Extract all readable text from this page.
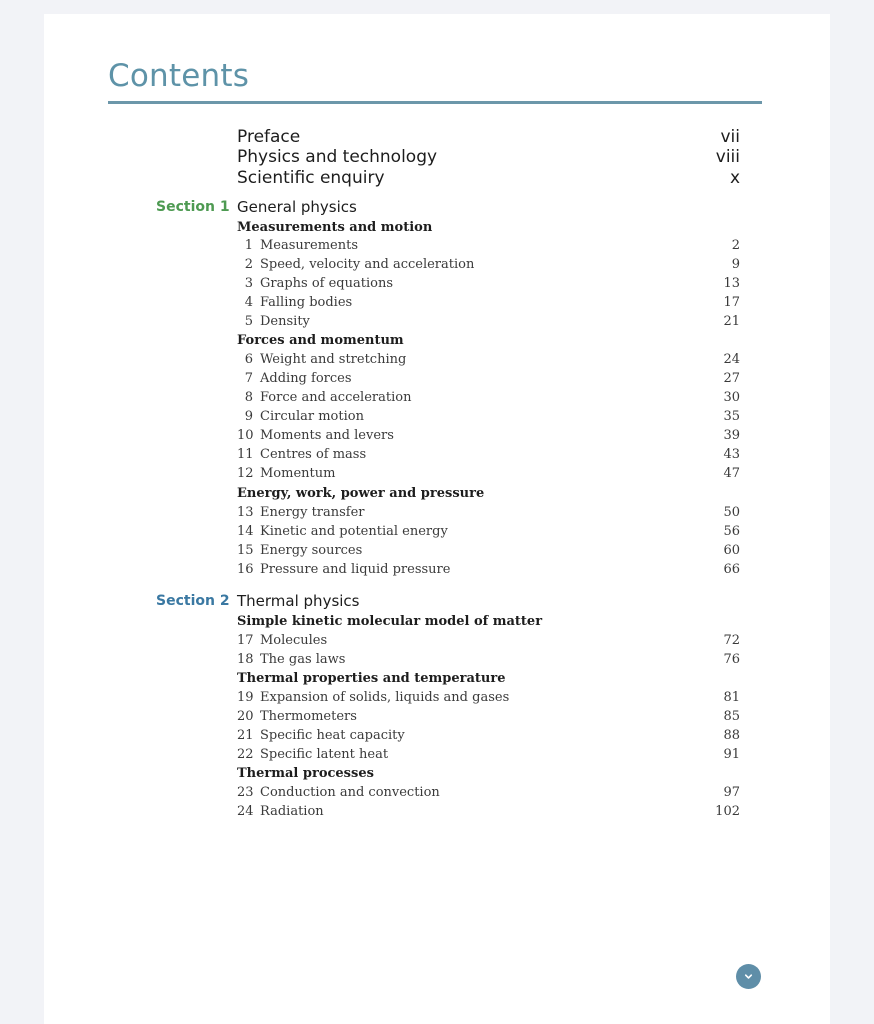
Contents
Preface	vii
Physics and technology	viii
Scientific enquiry	x
Section 1 General physics
Measurements and motion
1 Measurements	2
2 Speed, velocity and acceleration	9
3 Graphs of equations	13
4 Falling bodies	17
5 Density	21
Forces and momentum
6 Weight and stretching	24
7 Adding forces	27
8 Force and acceleration	30
9 Circular motion	35
10 Moments and levers	39
11 Centres of mass	43
12 Momentum	47
Energy, work, power and pressure
13 Energy transfer	50
14 Kinetic and potential energy	56
15 Energy sources	60
16 Pressure and liquid pressure	66
Section 2 Thermal physics
Simple kinetic molecular model of matter
17 Molecules	72
18 The gas laws	76
Thermal properties and temperature
19 Expansion of solids, liquids and gases	81
20 Thermometers	85
21 Specific heat capacity	88
22 Specific latent heat	91
Thermal processes
23 Conduction and convection	97
24 Radiation	102
